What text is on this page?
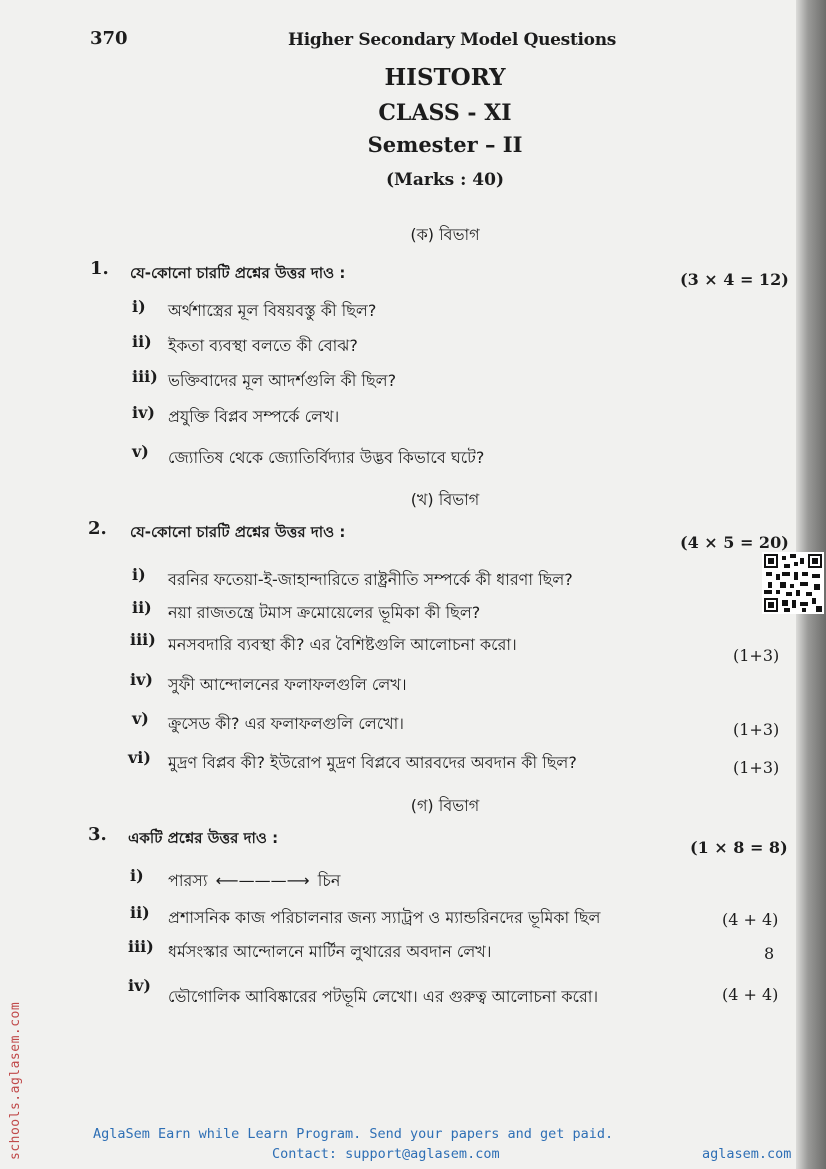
370	Higher Secondary Model Questions
HISTORY
CLASS - XI
Semester – II
(Marks : 40)
(ক) বিভাগ
1. যে-কোনো চারটি প্রশ্নের উত্তর দাও :	(3 × 4 = 12)
i) অর্থশাস্ত্রের মূল বিষয়বস্তু কী ছিল?
ii) ইকতা ব্যবস্থা বলতে কী বোঝ?
iii) ভক্তিবাদের মূল আদর্শগুলি কী ছিল?
iv) প্রযুক্তি বিপ্লব সম্পর্কে লেখ।
v) জ্যোতিষ থেকে জ্যোতির্বিদ্যার উদ্ভব কিভাবে ঘটে?
(খ) বিভাগ
2. যে-কোনো চারটি প্রশ্নের উত্তর দাও :
(4 × 5 = 20)
i) বরনির ফতেয়া-ই-জাহান্দারিতে রাষ্ট্রনীতি সম্পর্কে কী ধারণা ছিল?
ii) নয়া রাজতন্ত্রে টমাস ক্রমোয়েলের ভূমিকা কী ছিল?
iii) মনসবদারি ব্যবস্থা কী? এর বৈশিষ্টগুলি আলোচনা করো।
(1+3)
iv) সুফী আন্দোলনের ফলাফলগুলি লেখ।
v) ক্রুসেড কী? এর ফলাফলগুলি লেখো।	(1+3)
vi) মুদ্রণ বিপ্লব কী? ইউরোপ মুদ্রণ বিপ্লবে আরবদের অবদান কী ছিল?	(1+3)
(গ) বিভাগ
3. একটি প্রশ্নের উত্তর দাও :	(1 × 8 = 8)
i) পারস্য ⟵———⟶ চিন
ii) প্রশাসনিক কাজ পরিচালনার জন্য স্যাট্রপ ও ম্যান্ডরিনদের ভূমিকা ছিল	(4 + 4)
iii) ধর্মসংস্কার আন্দোলনে মার্টিন লুথারের অবদান লেখ।	8
iv)
ভৌগোলিক আবিষ্কারের পটভূমি লেখো। এর গুরুত্ব আলোচনা করো।	(4 + 4)
schools.aglasem.com	AglaSem Earn while Learn Program. Send your papers and get paid.
Contact: support@aglasem.com	aglasem.com
